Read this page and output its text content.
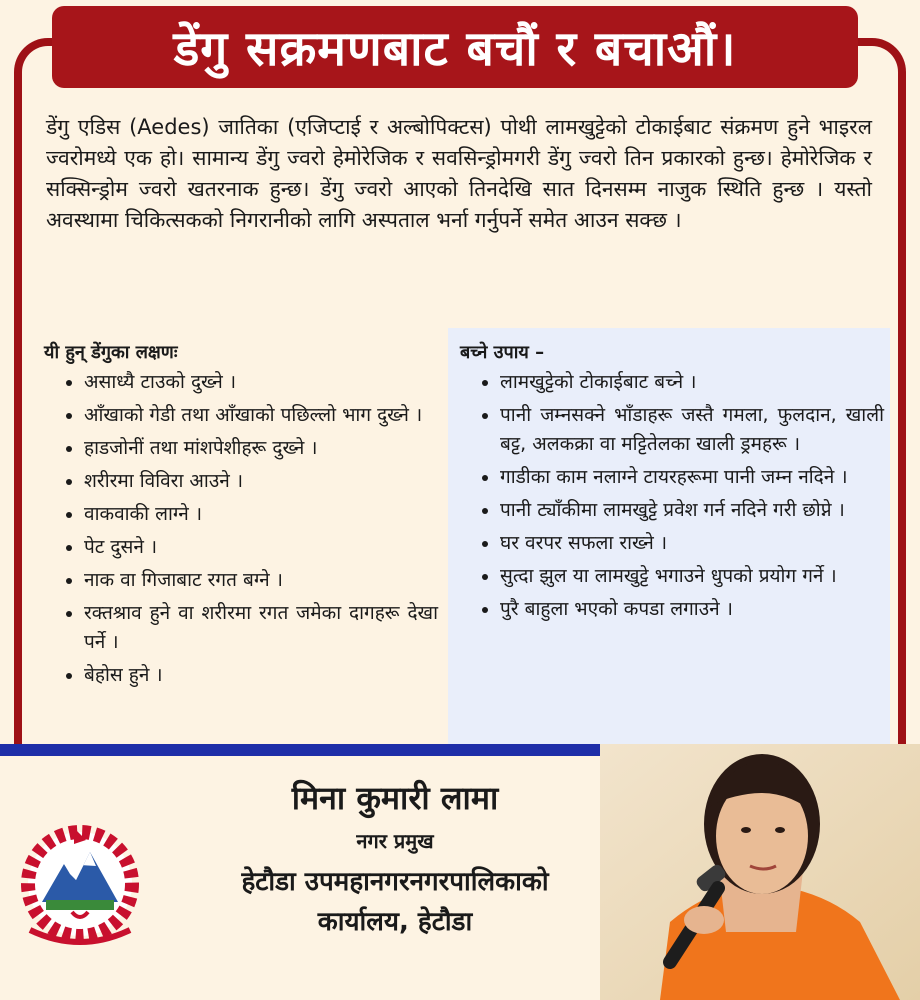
डेंगु सक्रमणबाट बचौं र बचाऔं।

डेंगु एडिस (Aedes) जातिका (एजिप्टाई र अल्बोपिक्टस) पोथी लामखुट्टेको टोकाईबाट संक्रमण हुने भाइरल ज्वरोमध्ये एक हो। सामान्य डेंगु ज्वरो हेमोरेजिक र सवसिन्ड्रोमगरी डेंगु ज्वरो तिन प्रकारको हुन्छ। हेमोरेजिक र सक्सिन्ड्रोम ज्वरो खतरनाक हुन्छ। डेंगु ज्वरो आएको तिनदेखि सात दिनसम्म नाजुक स्थिति हुन्छ । यस्तो अवस्थामा चिकित्सकको निगरानीको लागि अस्पताल भर्ना गर्नुपर्ने समेत आउन सक्छ ।

यी हुन् डेंगुका लक्षणः
• असाध्यै टाउको दुख्ने ।
• आँखाको गेडी तथा आँखाको पछिल्लो भाग दुख्ने ।
• हाडजोनीं तथा मांशपेशीहरू दुख्ने ।
• शरीरमा विविरा आउने ।
• वाकवाकी लाग्ने ।
• पेट दुसने ।
• नाक वा गिजाबाट रगत बग्ने ।
• रक्तश्राव हुने वा शरीरमा रगत जमेका दागहरू देखा पर्ने ।
• बेहोस हुने ।
बच्ने उपाय –
• लामखुट्टेको टोकाईबाट बच्ने ।
• पानी जम्नसक्ने भाँडाहरू जस्तै गमला, फुलदान, खाली बट्ट, अलकक्रा वा मट्टितेलका खाली ड्रमहरू ।
• गाडीका काम नलाग्ने टायरहरूमा पानी जम्न नदिने ।
• पानी ट्याँकीमा लामखुट्टे प्रवेश गर्न नदिने गरी छोप्ने ।
• घर वरपर सफला राख्ने ।
• सुत्दा झुल या लामखुट्टे भगाउने धुपको प्रयोग गर्ने ।
• पुरै बाहुला भएको कपडा लगाउने ।

मिना कुमारी लामा

नगर प्रमुख

हेटौडा उपमहानगरनगरपालिकाको

कार्यालय, हेटौडा
